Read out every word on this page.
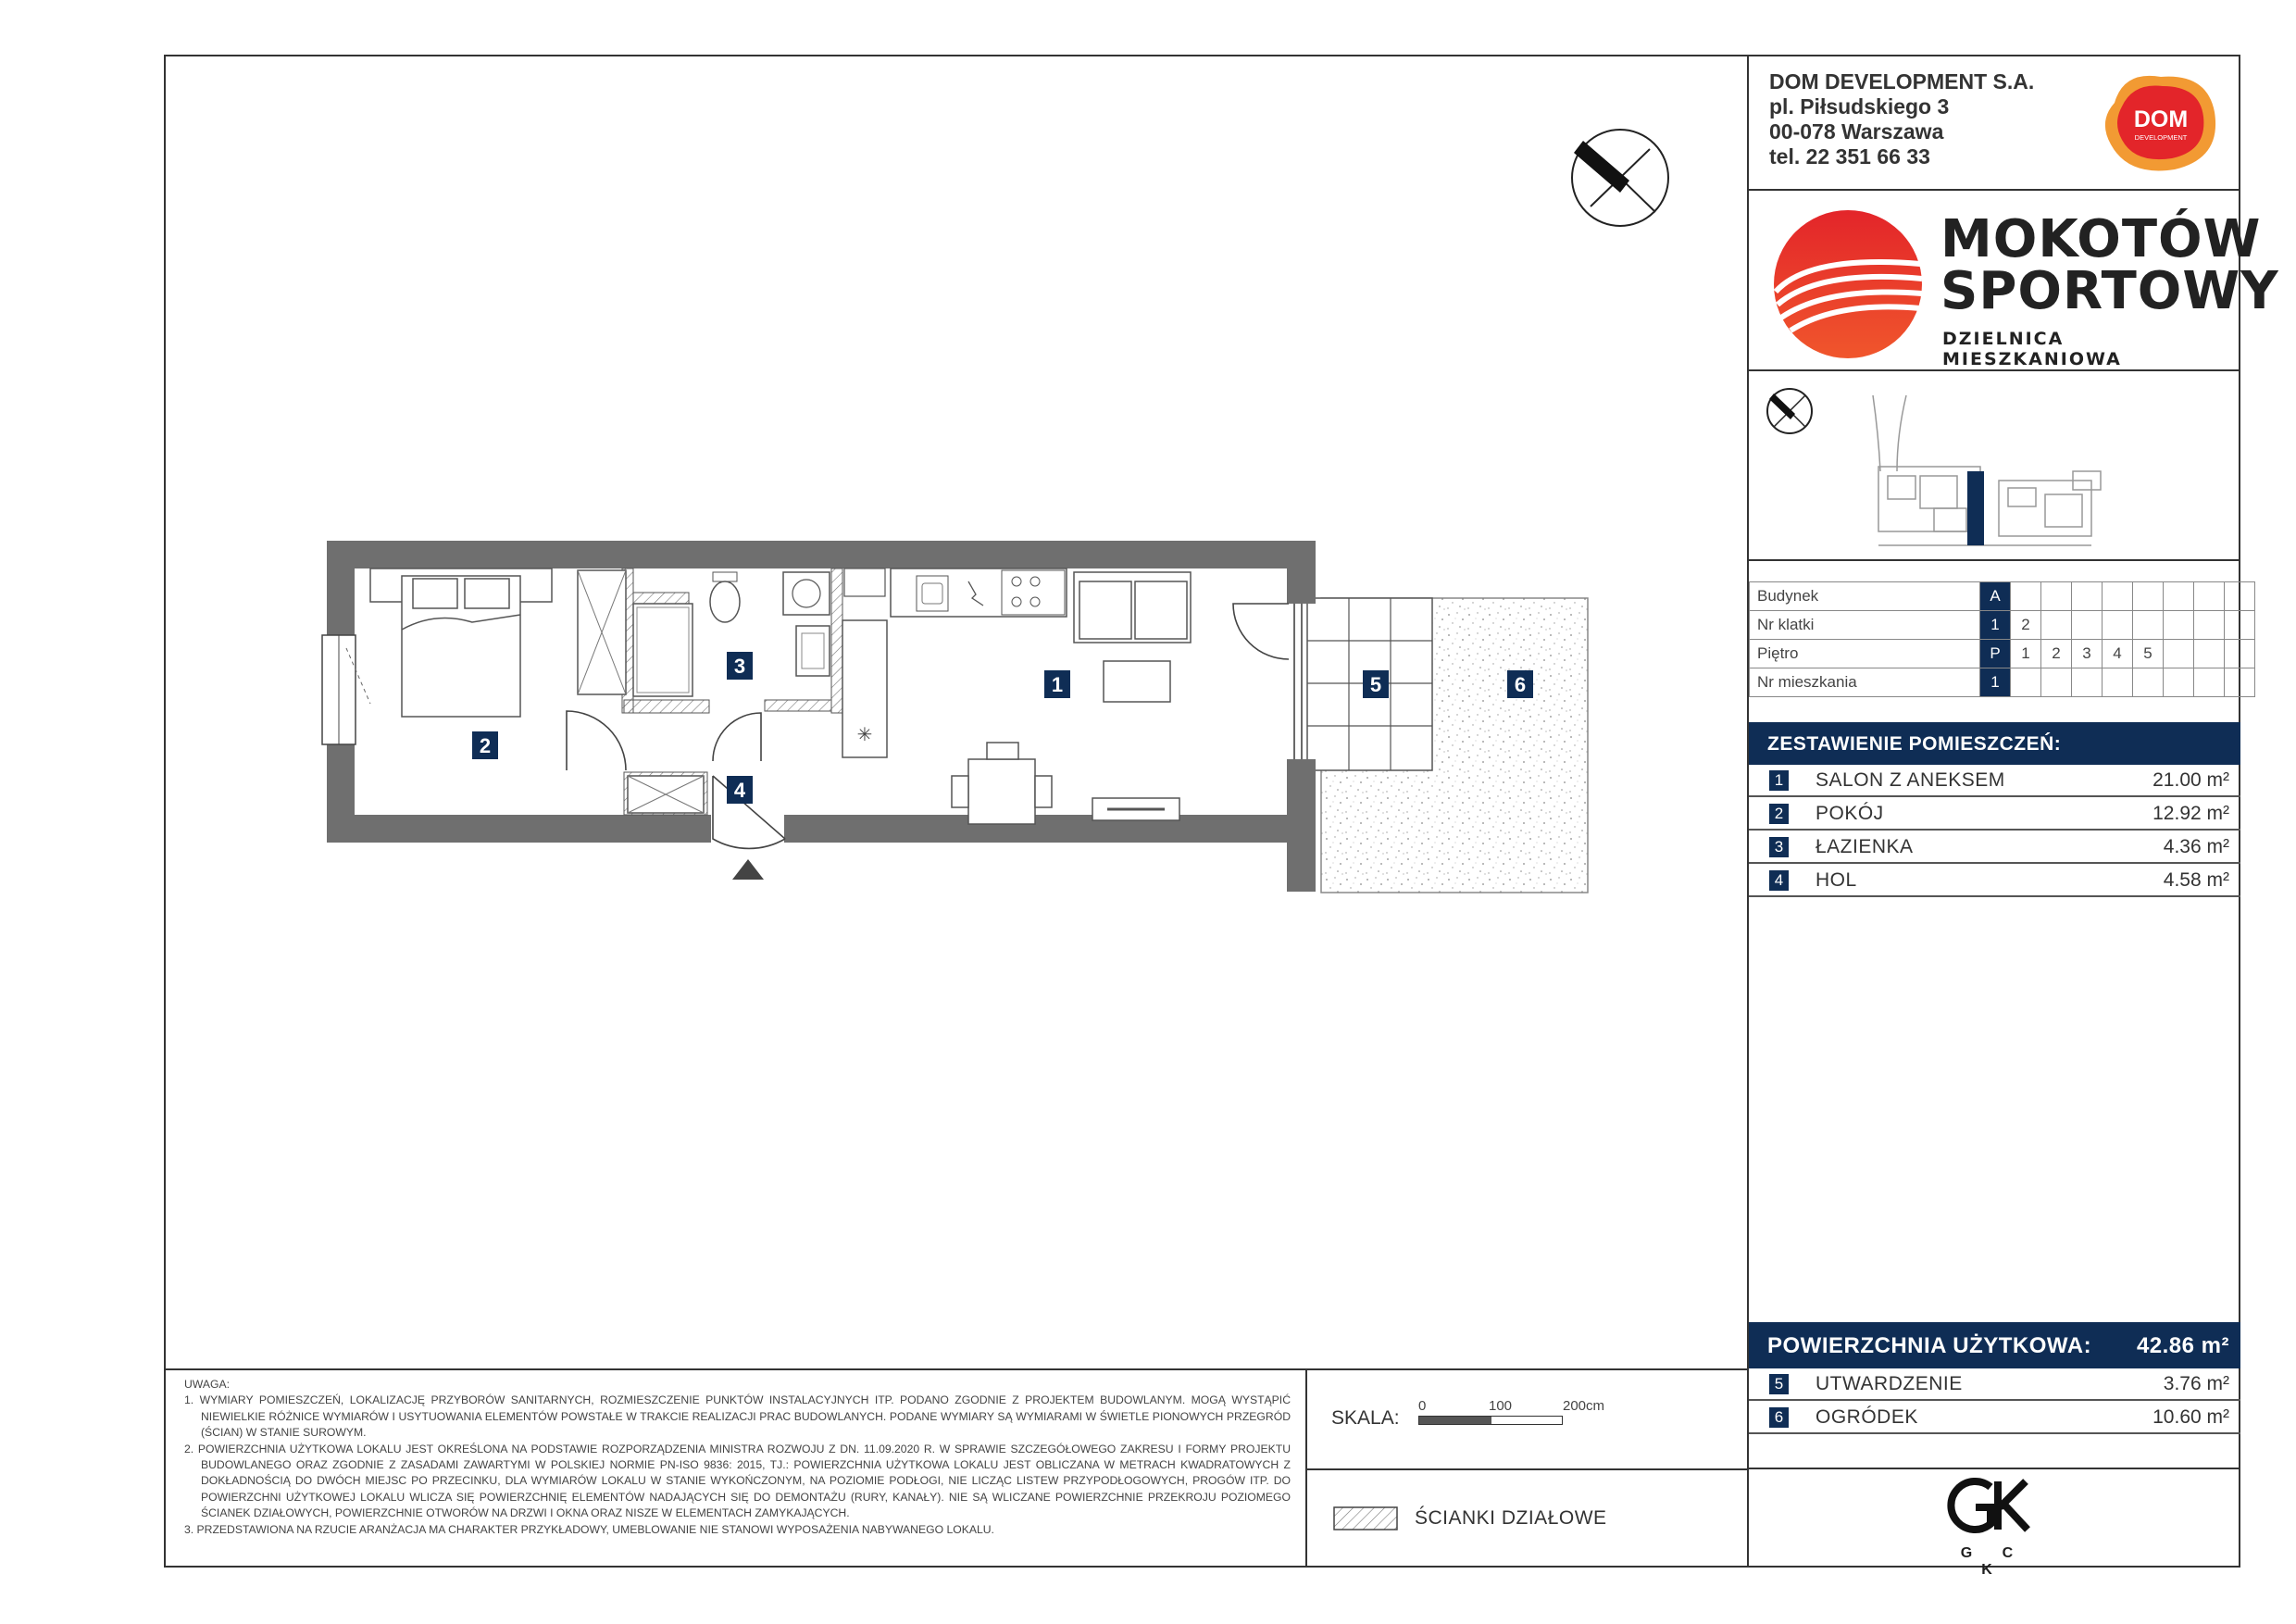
✳
1
2
3
4
5	6
DOM DEVELOPMENT S.A.
pl. Piłsudskiego 3
00-078 Warszawa
tel. 22 351 66 33
DOM
DEVELOPMENT
MOKOTÓW
SPORTOWY
DZIELNICA MIESZKANIOWA
Budynek	A								
Nr klatki	1	2							
Piętro	P	1	2	3	4	5			
Nr mieszkania	1								
ZESTAWIENIE POMIESZCZEŃ:
1 SALON Z ANEKSEM	21.00 m²
2 POKÓJ	12.92 m²
3 ŁAZIENKA	4.36 m²
4 HOL	4.58 m²
POWIERZCHNIA UŻYTKOWA: 42.86 m²
5 UTWARDZENIE	3.76 m²
6 OGRÓDEK	10.60 m²
G C K
UWAGA:
1. WYMIARY POMIESZCZEŃ, LOKALIZACJĘ PRZYBORÓW SANITARNYCH, ROZMIESZCZENIE PUNKTÓW INSTALACYJNYCH ITP. PODANO ZGODNIE Z PROJEKTEM BUDOWLANYM. MOGĄ WYSTĄPIĆ NIEWIELKIE RÓŻNICE WYMIARÓW I USYTUOWANIA ELEMENTÓW POWSTAŁE W TRAKCIE REALIZACJI PRAC BUDOWLANYCH. PODANE WYMIARY SĄ WYMIARAMI W ŚWIETLE PIONOWYCH PRZEGRÓD (ŚCIAN) W STANIE SUROWYM.
2. POWIERZCHNIA UŻYTKOWA LOKALU JEST OKREŚLONA NA PODSTAWIE ROZPORZĄDZENIA MINISTRA ROZWOJU Z DN. 11.09.2020 R. W SPRAWIE SZCZEGÓŁOWEGO ZAKRESU I FORMY PROJEKTU BUDOWLANEGO ORAZ ZGODNIE Z ZASADAMI ZAWARTYMI W POLSKIEJ NORMIE PN-ISO 9836: 2015, TJ.: POWIERZCHNIA UŻYTKOWA LOKALU JEST OBLICZANA W METRACH KWADRATOWYCH Z DOKŁADNOŚCIĄ DO DWÓCH MIEJSC PO PRZECINKU, DLA WYMIARÓW LOKALU W STANIE WYKOŃCZONYM, NA POZIOMIE PODŁOGI, NIE LICZĄC LISTEW PRZYPODŁOGOWYCH, PROGÓW ITP. DO POWIERZCHNI UŻYTKOWEJ LOKALU WLICZA SIĘ POWIERZCHNIĘ ELEMENTÓW NADAJĄCYCH SIĘ DO DEMONTAŻU (RURY, KANAŁY). NIE SĄ WLICZANE POWIERZCHNIE PRZEKROJU POZIOMEGO ŚCIANEK DZIAŁOWYCH, POWIERZCHNIE OTWORÓW NA DRZWI I OKNA ORAZ NISZE W ELEMENTACH ZAMYKAJĄCYCH.
3. PRZEDSTAWIONA NA RZUCIE ARANŻACJA MA CHARAKTER PRZYKŁADOWY, UMEBLOWANIE NIE STANOWI WYPOSAŻENIA NABYWANEGO LOKALU.
SKALA:
0	100	200cm
ŚCIANKI DZIAŁOWE
